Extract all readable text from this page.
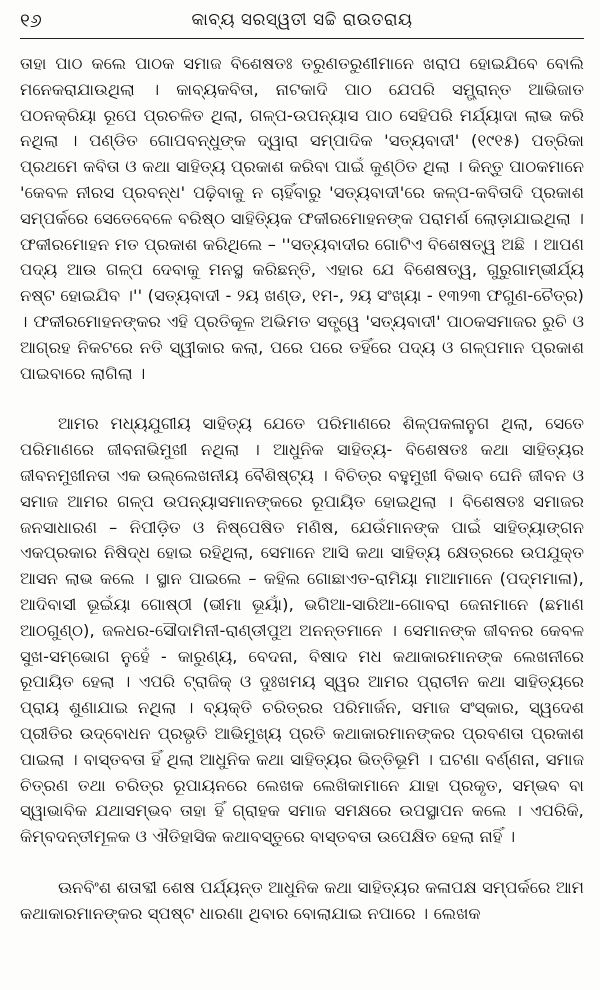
୧୬	କାବ୍ୟ ସରସ୍ୱତୀ ସଚ୍ଚି ରାଉତରାୟ

ତାହା ପାଠ କଲେ ପାଠକ ସମାଜ ବିଶେଷତଃ ତରୁଣତରୁଣୀମାନେ ଖରାପ ହୋଇଯିବେ ବୋଲି ମନେକରାଯାଉଥିଲା । କାବ୍ୟକବିତା, ନାଟକାଦି ପାଠ ଯେପରି ସମ୍ଭ୍ରାନ୍ତ ଆଭିଜାତ ପଠନକ୍ରିୟା ରୂପେ ପ୍ରଚଳିତ ଥିଲା, ଗଳ୍ପ-ଉପନ୍ୟାସ ପାଠ ସେହିପରି ମର୍ଯ୍ୟାଦା ଲାଭ କରି ନଥିଲା । ପଣ୍ଡିତ ଗୋପବନ୍ଧୁଙ୍କ ଦ୍ୱାରା ସମ୍ପାଦିକ 'ସତ୍ୟବାଦୀ' (୧୯୧୫) ପତ୍ରିକା ପ୍ରଥମେ କବିତା ଓ କଥା ସାହିତ୍ୟ ପ୍ରକାଶ କରିବା ପାଇଁ କୁଣ୍ଠିତ ଥିଲା । କିନ୍ତୁ ପାଠକମାନେ 'କେବଳ ନୀରସ ପ୍ରବନ୍ଧ' ପଢ଼ିବାକୁ ନ ଚାହିଁବାରୁ 'ସତ୍ୟବାଦୀ'ରେ କଳ୍ପ-କବିତାଦି ପ୍ରକାଶ ସମ୍ପର୍କରେ ସେତେବେଳେ ବରିଷ୍ଠ ସାହିତ୍ୟିକ ଫକୀରମୋହନଙ୍କ ପରାମର୍ଶ ଲୋଡ଼ାଯାଇଥିଲା । ଫକୀରମୋହନ ମତ ପ୍ରକାଶ କରିଥିଲେ – ''ସତ୍ୟବାଦୀର ଗୋଟିଏ ବିଶେଷତ୍ୱ ଅଛି । ଆପଣ ପଦ୍ୟ ଆଉ ଗଳ୍ପ ଦେବାକୁ ମନସ୍ଥ କରିଛନ୍ତି, ଏହାର ଯେ ବିଶେଷତ୍ୱ, ଗୁରୁଗାମ୍ଭୀର୍ଯ୍ୟ ନଷ୍ଟ ହୋଇଯିବ ।'' (ସତ୍ୟବାଦୀ - ୨ୟ ଖଣ୍ଡ, ୧ମ-, ୨ୟ ସଂଖ୍ୟା - ୧୩୨୩ ଫଗୁଣ-ଚୈତ୍ର) । ଫକୀରମୋହନଙ୍କର ଏହି ପ୍ରତିକୂଳ ଅଭିମତ ସତ୍ତ୍ୱେ 'ସତ୍ୟବାଦୀ' ପାଠକସମାଜର ରୁଚି ଓ ଆଗ୍ରହ ନିକଟରେ ନତି ସ୍ୱୀକାର କଲା, ପରେ ପରେ ତହିଁରେ ପଦ୍ୟ ଓ ଗଳ୍ପମାନ ପ୍ରକାଶ ପାଇବାରେ ଲାଗିଲା ।

ଆମର ମଧ୍ୟଯୁଗୀୟ ସାହିତ୍ୟ ଯେତେ ପରିମାଣରେ ଶିଳ୍ପକଳାନୁଗ ଥିଲା, ସେତେ ପରିମାଣରେ ଜୀବନାଭିମୁଖୀ ନଥିଲା । ଆଧୁନିକ ସାହିତ୍ୟ- ବିଶେଷତଃ କଥା ସାହିତ୍ୟର ଜୀବନମୁଖୀନତା ଏକ ଉଲ୍ଲେଖନୀୟ ବୈଶିଷ୍ଟ୍ୟ । ବିଚିତ୍ର ବହୁମୁଖୀ ବିଭାବ ଘେନି ଜୀବନ ଓ ସମାଜ ଆମର ଗଳ୍ପ ଉପନ୍ୟାସମାନଙ୍କରେ ରୂପାୟିତ ହୋଇଥିଲା । ବିଶେଷତଃ ସମାଜର ଜନସାଧାରଣ – ନିପୀଡ଼ିତ ଓ ନିଷ୍ପେଷିତ ମଣିଷ, ଯେଉଁମାନଙ୍କ ପାଇଁ ସାହିତ୍ୟାଙ୍ଗନ ଏକପ୍ରକାର ନିଷିଦ୍ଧ ହୋଇ ରହିଥିଲା, ସେମାନେ ଆସି କଥା ସାହିତ୍ୟ କ୍ଷେତ୍ରରେ ଉପଯୁକ୍ତ ଆସନ ଲାଭ କଲେ । ସ୍ଥାନ ପାଇଲେ – କହିଲ ଗୋଛାଏତ-ରାମିୟା ମାଆମାନେ (ପଦ୍ମମାଳା), ଆଦିବାସୀ ଭୂଇଁୟା ଗୋଷ୍ଠୀ (ଭୀମା ଭୂୟାଁ), ଭଗିଆ-ସାରିଆ-ଗୋବରା ଜେନାମାନେ (ଛମାଣ ଆଠଗୁଣ୍ଠ), ଜଳଧର-ସୌଦାମିନୀ-ରାଣ୍ଡୀପୁଅ ଅନନ୍ତମାନେ । ସେମାନଙ୍କ ଜୀବନର କେବଳ ସୁଖ-ସମ୍ଭୋଗ ନୁହେଁ - କାରୁଣ୍ୟ, ବେଦନା, ବିଷାଦ ମଧ କଥାକାରମାନଙ୍କ ଲେଖନୀରେ ରୂପାୟିତ ହେଲା । ଏପରି ଟ୍ରାଜିକ୍ ଓ ଦୁଃଖମୟ ସ୍ୱର ଆମର ପ୍ରାଚୀନ କଥା ସାହିତ୍ୟରେ ପ୍ରାୟ ଶୁଣାଯାଇ ନଥିଲା । ବ୍ୟକ୍ତି ଚରିତ୍ରର ପରିମାର୍ଜନ, ସମାଜ ସଂସ୍କାର, ସ୍ୱଦେଶ ପ୍ରୀତିର ଉଦ୍‌ବୋଧନ ପ୍ରଭୃତି ଆଭିମୁଖ୍ୟ ପ୍ରତି କଥାକାରମାନଙ୍କର ପ୍ରବଣତା ପ୍ରକାଶ ପାଇଲା । ବାସ୍ତବତା ହିଁ ଥିଲା ଆଧୁନିକ କଥା ସାହିତ୍ୟର ଭିତ୍ତିଭୂମି । ଘଟଣା ବର୍ଣ୍ଣନା, ସମାଜ ଚିତ୍ରଣ ତଥା ଚରିତ୍ର ରୂପାୟନରେ ଲେଖକ ଲେଖିକାମାନେ ଯାହା ପ୍ରକୃତ, ସମ୍ଭବ ବା ସ୍ୱାଭାବିକ ଯଥାସମ୍ଭବ ତାହା ହିଁ ଗ୍ରାହକ ସମାଜ ସମକ୍ଷରେ ଉପସ୍ଥାପନ କଲେ । ଏପରିକି, କିମ୍ବଦନ୍ତୀମୂଳକ ଓ ଐତିହାସିକ କଥାବସ୍ତୁରେ ବାସ୍ତବତା ଉପେକ୍ଷିତ ହେଲା ନାହିଁ ।

ଊନବିଂଶ ଶତାବ୍ଦୀ ଶେଷ ପର୍ଯ୍ୟନ୍ତ ଆଧୁନିକ କଥା ସାହିତ୍ୟର କଳାପକ୍ଷ ସମ୍ପର୍କରେ ଆମ କଥାକାରମାନଙ୍କର ସ୍ପଷ୍ଟ ଧାରଣା ଥିବାର ବୋଲାଯାଇ ନପାରେ । ଲେଖକ
